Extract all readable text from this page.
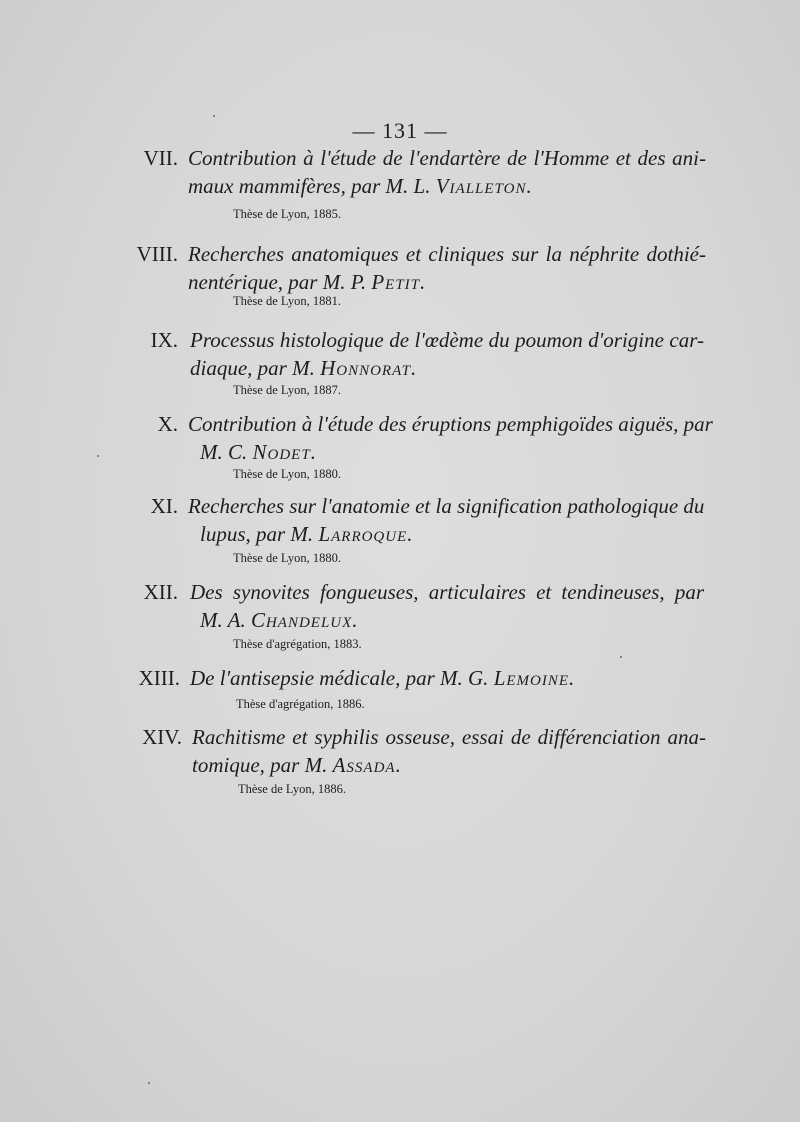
— 131 —
VII. Contribution à l'étude de l'endartère de l'Homme et des ani-
maux mammifères, par M. L. Vialleton.
Thèse de Lyon, 1885.
VIII. Recherches anatomiques et cliniques sur la néphrite dothié-
nentérique, par M. P. Petit.
Thèse de Lyon, 1881.
IX. Processus histologique de l'œdème du poumon d'origine car-
diaque, par M. Honnorat.
Thèse de Lyon, 1887.
X. Contribution à l'étude des éruptions pemphigoïdes aiguës, par
M. C. Nodet.
Thèse de Lyon, 1880.
XI. Recherches sur l'anatomie et la signification pathologique du
lupus, par M. Larroque.
Thèse de Lyon, 1880.
XII. Des synovites fongueuses, articulaires et tendineuses, par
M. A. Chandelux.
Thèse d'agrégation, 1883.
XIII. De l'antisepsie médicale, par M. G. Lemoine.
Thèse d'agrégation, 1886.
XIV. Rachitisme et syphilis osseuse, essai de différenciation ana-
tomique, par M. Assada.
Thèse de Lyon, 1886.
